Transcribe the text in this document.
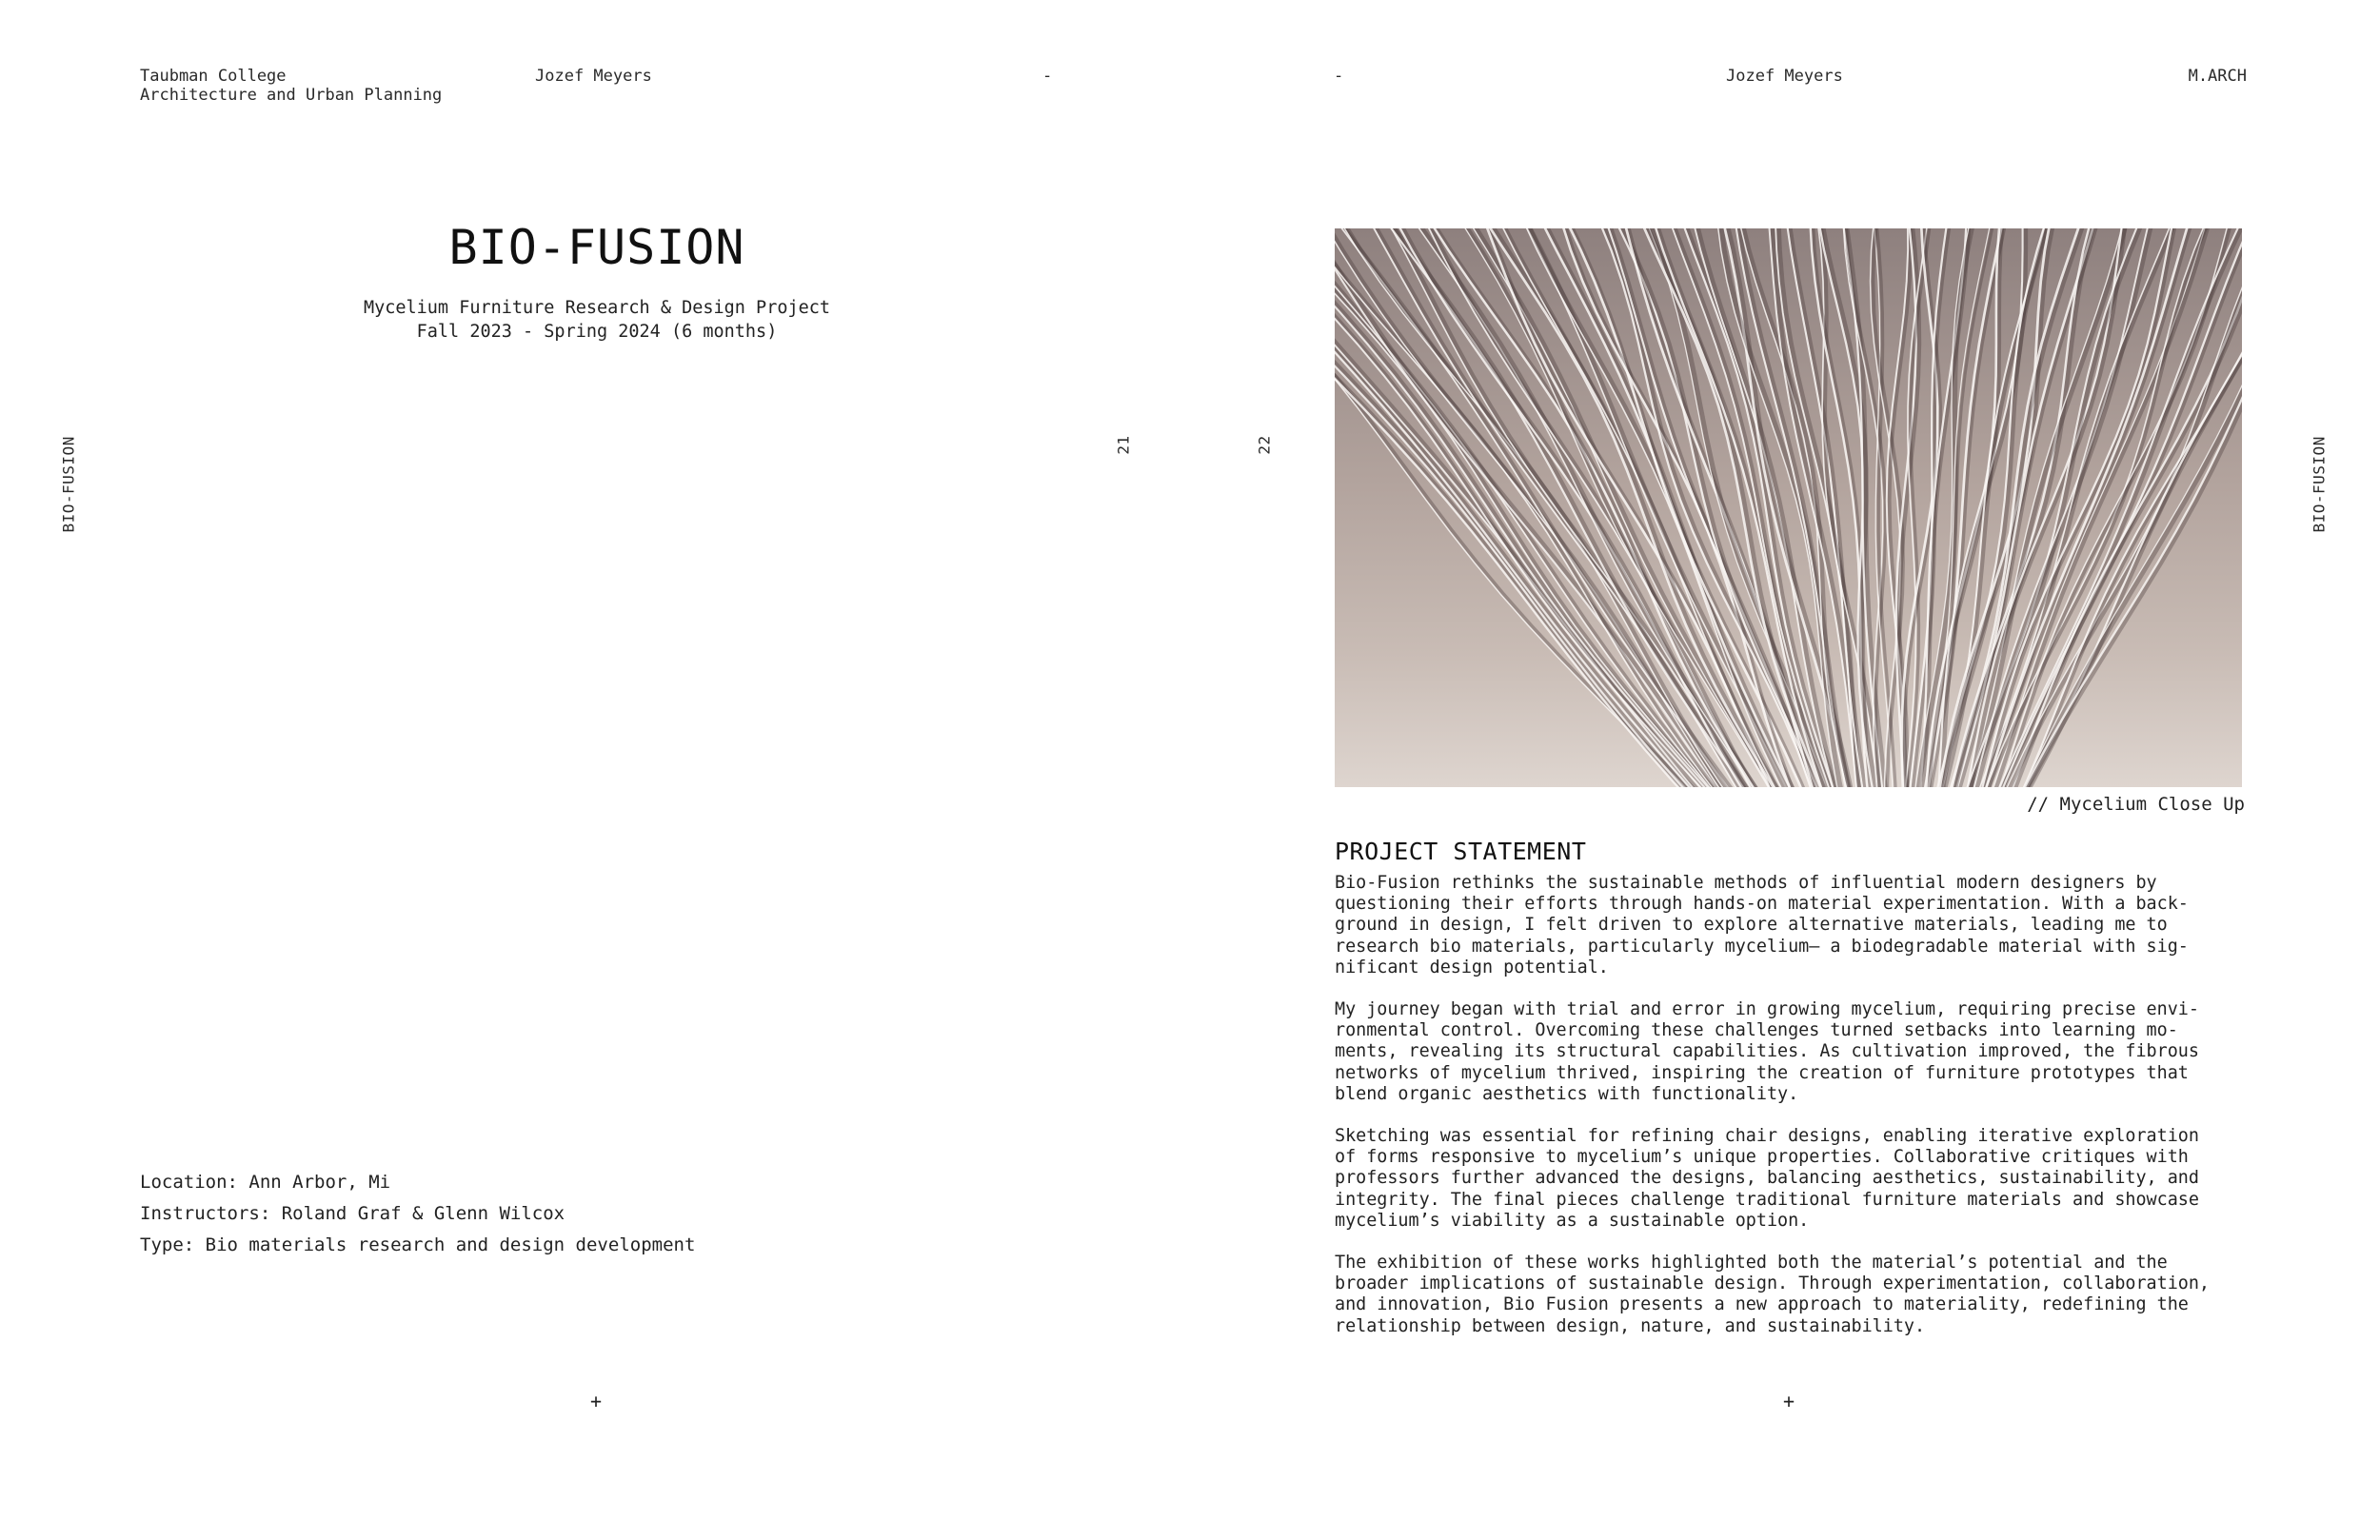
Taubman College
Architecture and Urban Planning
Jozef Meyers	-	-	Jozef Meyers	M.ARCH
BIO-FUSION	BIO-FUSION
21	22
BIO-FUSION
Mycelium Furniture Research & Design Project
Fall 2023 - Spring 2024 (6 months)
Location: Ann Arbor, Mi
Instructors: Roland Graf & Glenn Wilcox
Type: Bio materials research and design development
+
// Mycelium Close Up
PROJECT STATEMENT

Bio-Fusion rethinks the sustainable methods of influential modern designers by
questioning their efforts through hands-on material experimentation. With a back-
ground in design, I felt driven to explore alternative materials, leading me to
research bio materials, particularly mycelium— a biodegradable material with sig-
nificant design potential.

My journey began with trial and error in growing mycelium, requiring precise envi-
ronmental control. Overcoming these challenges turned setbacks into learning mo-
ments, revealing its structural capabilities. As cultivation improved, the fibrous
networks of mycelium thrived, inspiring the creation of furniture prototypes that
blend organic aesthetics with functionality.

Sketching was essential for refining chair designs, enabling iterative exploration
of forms responsive to mycelium’s unique properties. Collaborative critiques with
professors further advanced the designs, balancing aesthetics, sustainability, and
integrity. The final pieces challenge traditional furniture materials and showcase
mycelium’s viability as a sustainable option.

The exhibition of these works highlighted both the material’s potential and the
broader implications of sustainable design. Through experimentation, collaboration,
and innovation, Bio Fusion presents a new approach to materiality, redefining the
relationship between design, nature, and sustainability.

+
